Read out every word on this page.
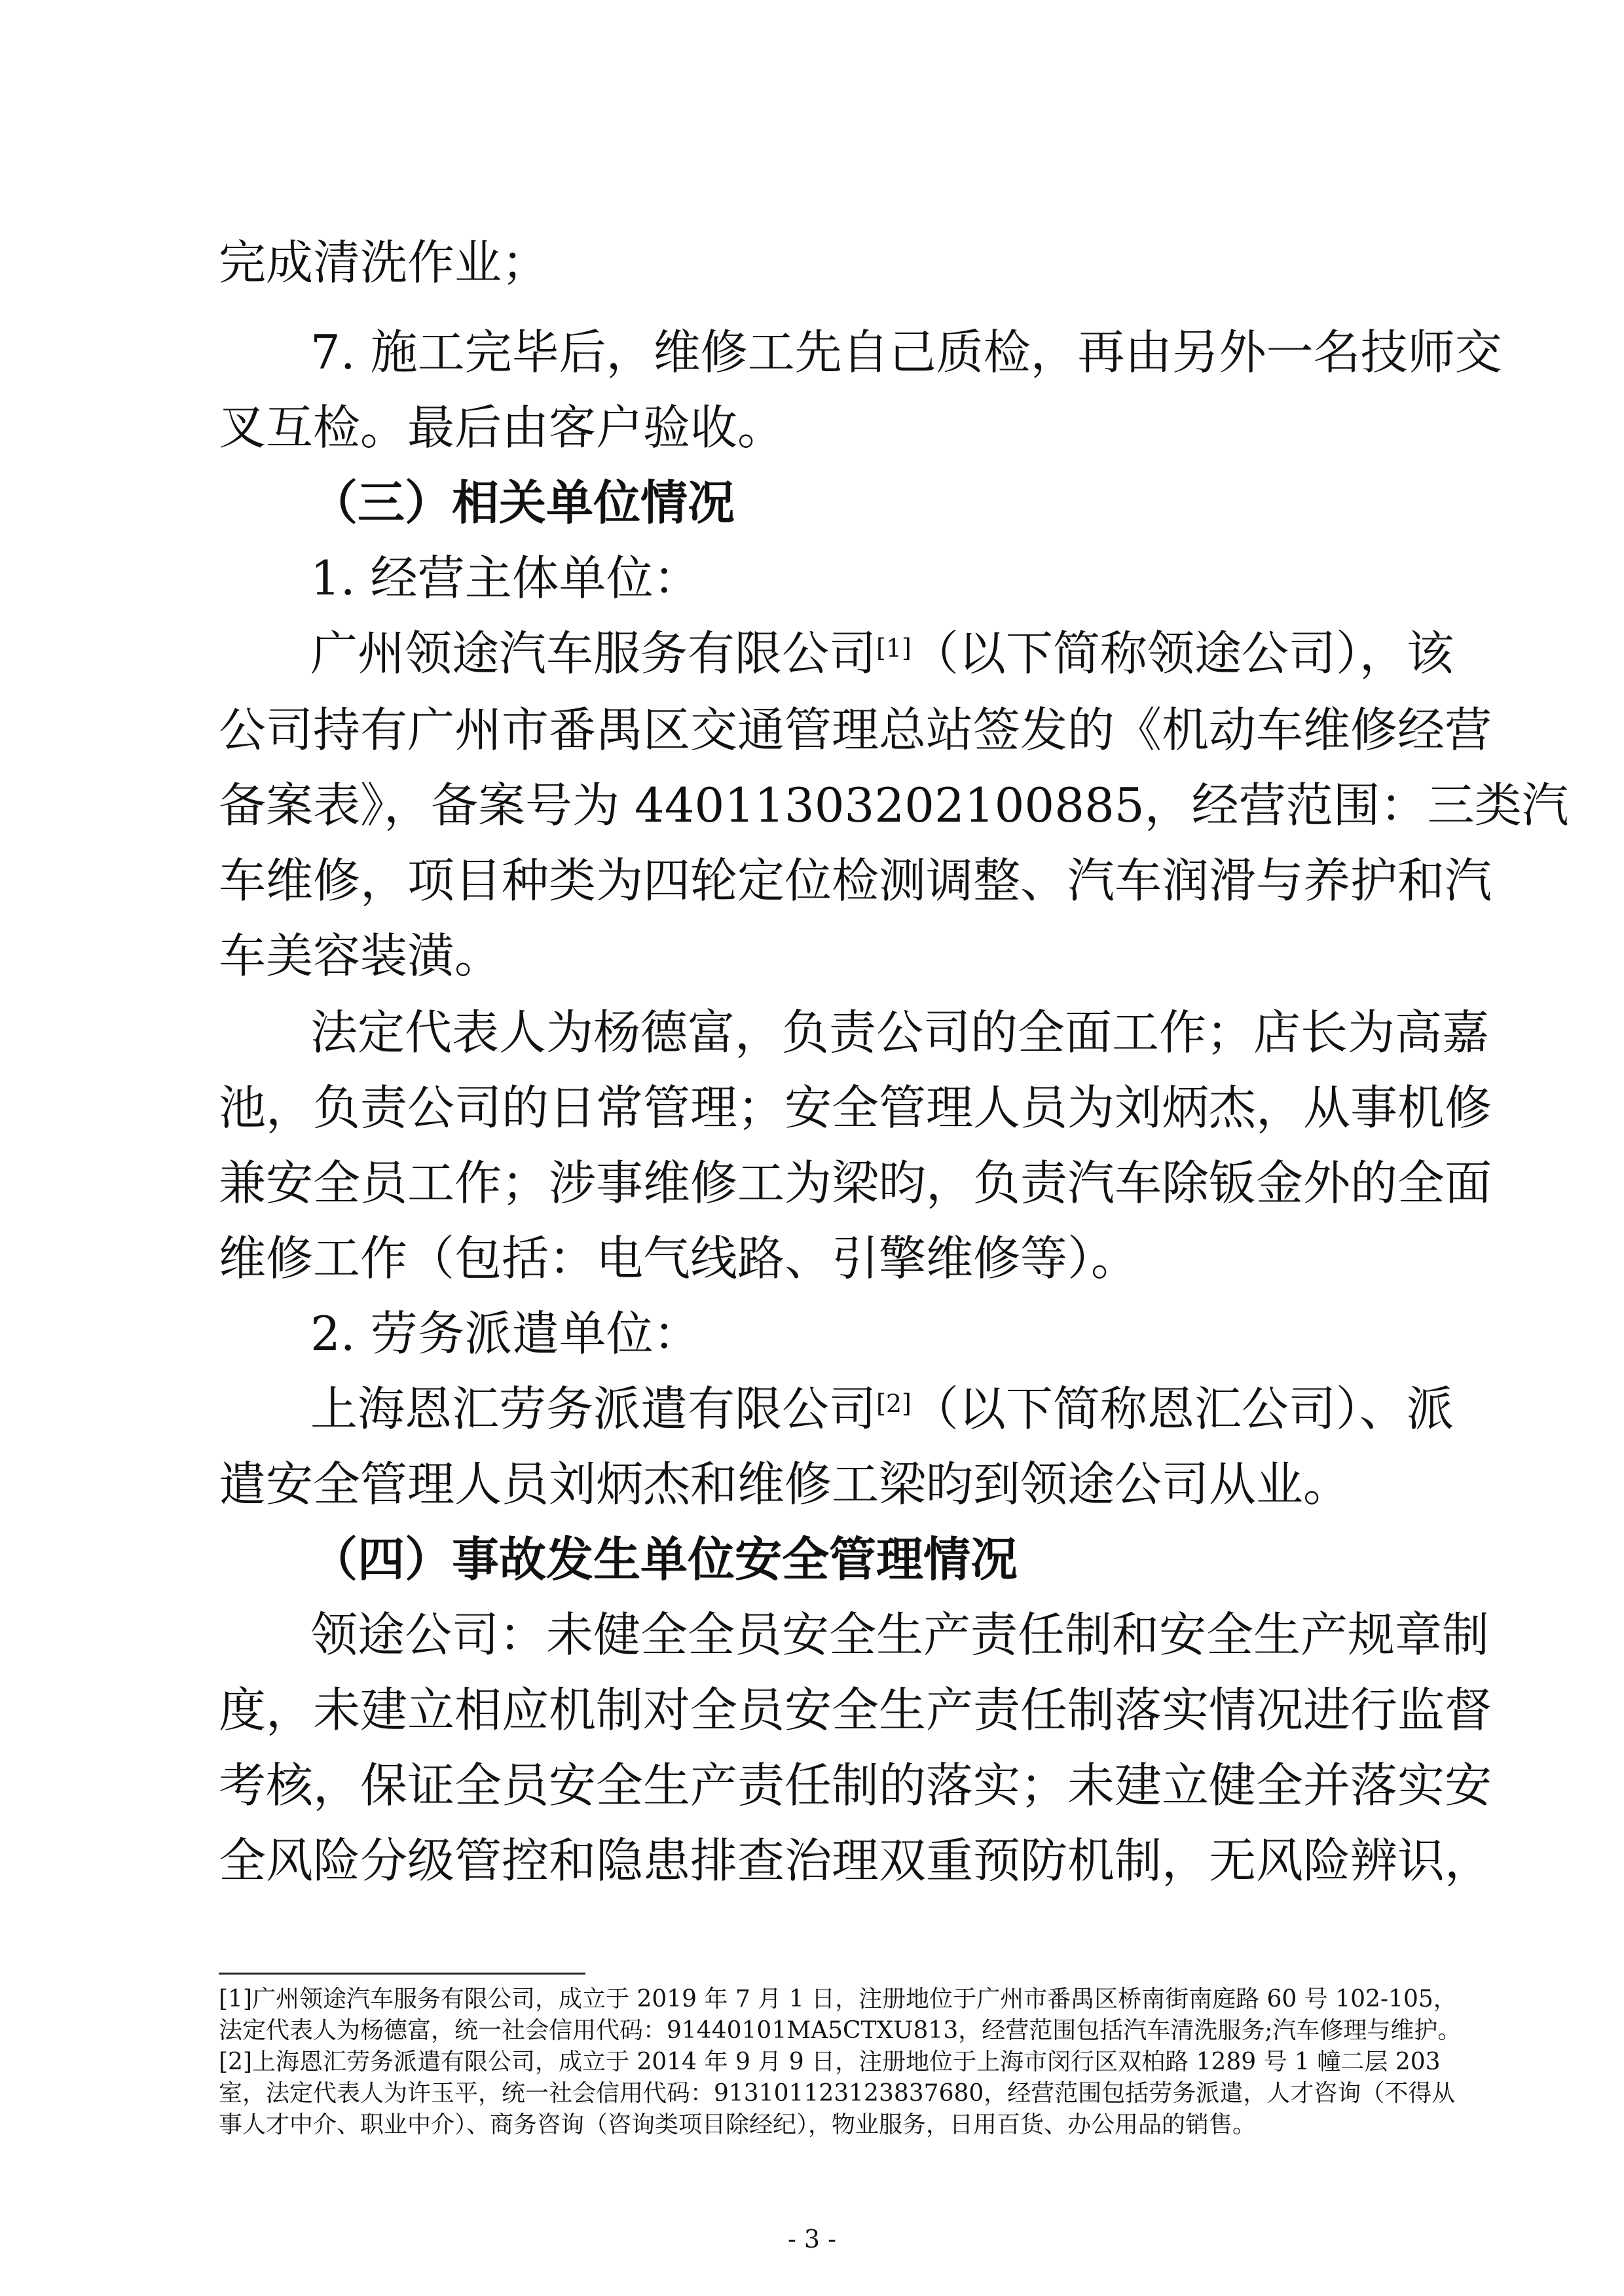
完成清洗作业；
7. 施工完毕后，维修工先自己质检，再由另外一名技师交
叉互检。最后由客户验收。
（三）相关单位情况
1. 经营主体单位：
广州领途汽车服务有限公司[1]（以下简称领途公司），该
公司持有广州市番禺区交通管理总站签发的《机动车维修经营
备案表》，备案号为 44011303202100885，经营范围：三类汽
车维修，项目种类为四轮定位检测调整、汽车润滑与养护和汽
车美容装潢。
法定代表人为杨德富，负责公司的全面工作；店长为高嘉
池，负责公司的日常管理；安全管理人员为刘炳杰，从事机修
兼安全员工作；涉事维修工为梁昀，负责汽车除钣金外的全面
维修工作（包括：电气线路、引擎维修等）。
2. 劳务派遣单位：
上海恩汇劳务派遣有限公司[2]（以下简称恩汇公司）、派
遣安全管理人员刘炳杰和维修工梁昀到领途公司从业。
（四）事故发生单位安全管理情况
领途公司：未健全全员安全生产责任制和安全生产规章制
度，未建立相应机制对全员安全生产责任制落实情况进行监督
考核，保证全员安全生产责任制的落实；未建立健全并落实安
全风险分级管控和隐患排查治理双重预防机制，无风险辨识，
[1]广州领途汽车服务有限公司，成立于 2019 年 7 月 1 日，注册地位于广州市番禺区桥南街南庭路 60 号 102-105，
法定代表人为杨德富，统一社会信用代码：91440101MA5CTXU813，经营范围包括汽车清洗服务;汽车修理与维护。
[2]上海恩汇劳务派遣有限公司，成立于 2014 年 9 月 9 日，注册地位于上海市闵行区双柏路 1289 号 1 幢二层 203
室，法定代表人为许玉平，统一社会信用代码：913101123123837680，经营范围包括劳务派遣，人才咨询（不得从
事人才中介、职业中介）、商务咨询（咨询类项目除经纪），物业服务，日用百货、办公用品的销售。
- 3 -
